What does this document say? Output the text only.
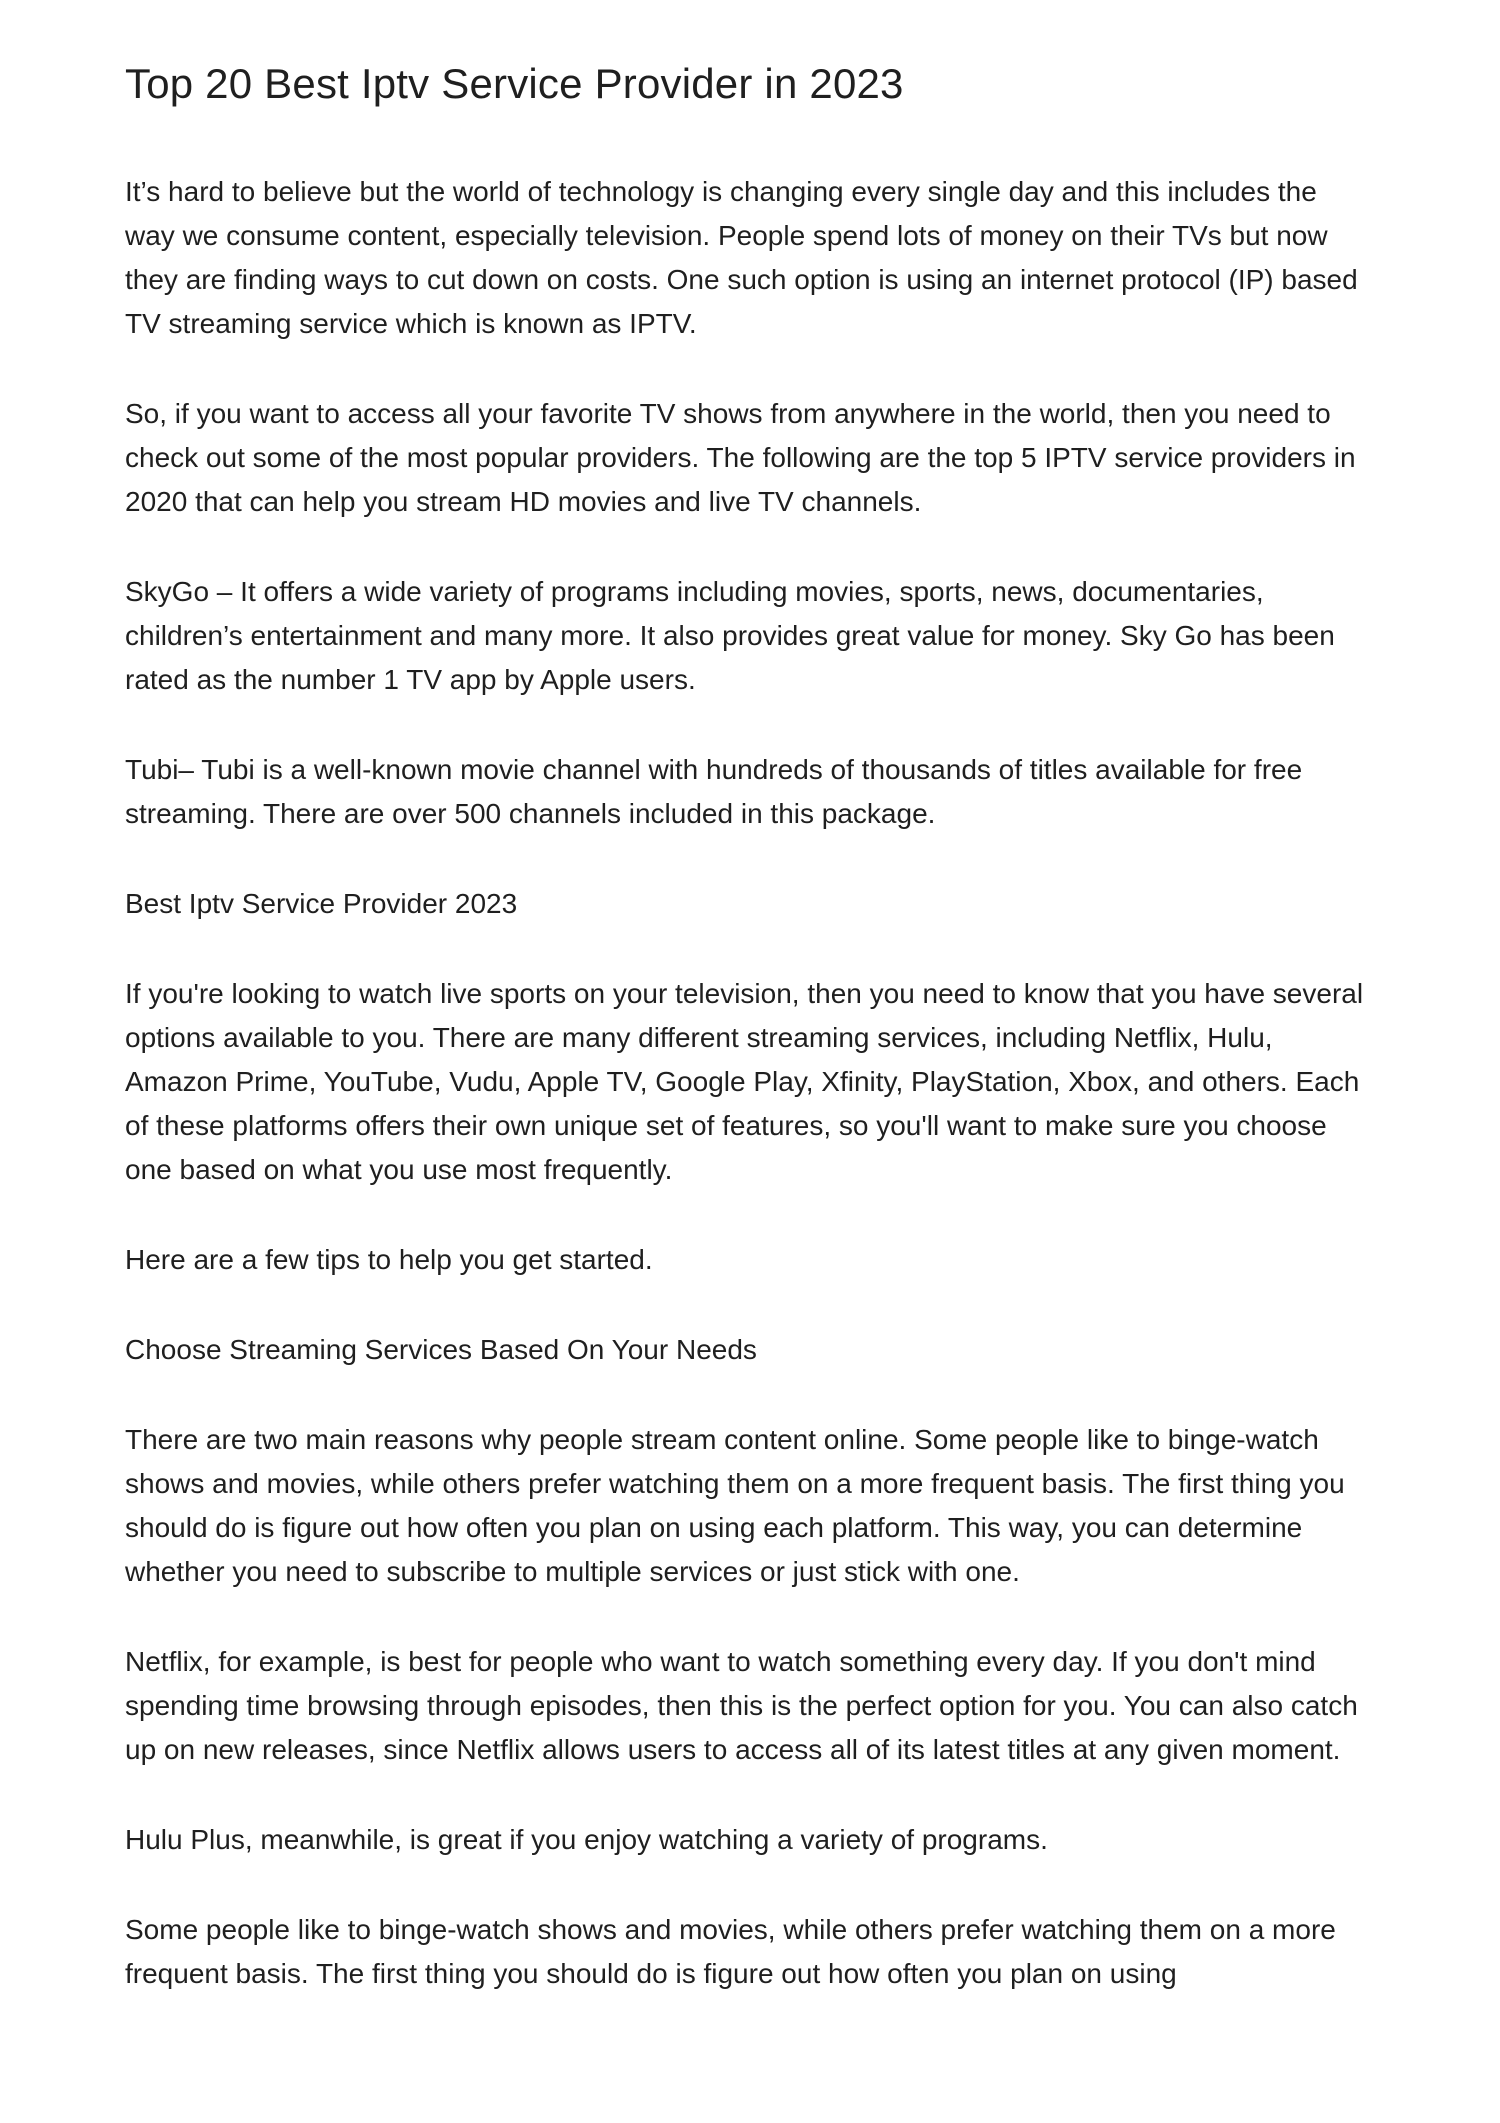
Top 20 Best Iptv Service Provider in 2023

It’s hard to believe but the world of technology is changing every single day and this includes the way we consume content, especially television. People spend lots of money on their TVs but now they are finding ways to cut down on costs. One such option is using an internet protocol (IP) based TV streaming service which is known as IPTV.

So, if you want to access all your favorite TV shows from anywhere in the world, then you need to check out some of the most popular providers. The following are the top 5 IPTV service providers in 2020 that can help you stream HD movies and live TV channels.

SkyGo – It offers a wide variety of programs including movies, sports, news, documentaries, children’s entertainment and many more. It also provides great value for money. Sky Go has been rated as the number 1 TV app by Apple users.

Tubi– Tubi is a well-known movie channel with hundreds of thousands of titles available for free streaming. There are over 500 channels included in this package.

Best Iptv Service Provider 2023

If you're looking to watch live sports on your television, then you need to know that you have several options available to you. There are many different streaming services, including Netflix, Hulu, Amazon Prime, YouTube, Vudu, Apple TV, Google Play, Xfinity, PlayStation, Xbox, and others. Each of these platforms offers their own unique set of features, so you'll want to make sure you choose one based on what you use most frequently.

Here are a few tips to help you get started.

Choose Streaming Services Based On Your Needs

There are two main reasons why people stream content online. Some people like to binge-watch shows and movies, while others prefer watching them on a more frequent basis. The first thing you should do is figure out how often you plan on using each platform. This way, you can determine whether you need to subscribe to multiple services or just stick with one.

Netflix, for example, is best for people who want to watch something every day. If you don't mind spending time browsing through episodes, then this is the perfect option for you. You can also catch up on new releases, since Netflix allows users to access all of its latest titles at any given moment.

Hulu Plus, meanwhile, is great if you enjoy watching a variety of programs.

Some people like to binge-watch shows and movies, while others prefer watching them on a more frequent basis. The first thing you should do is figure out how often you plan on using
